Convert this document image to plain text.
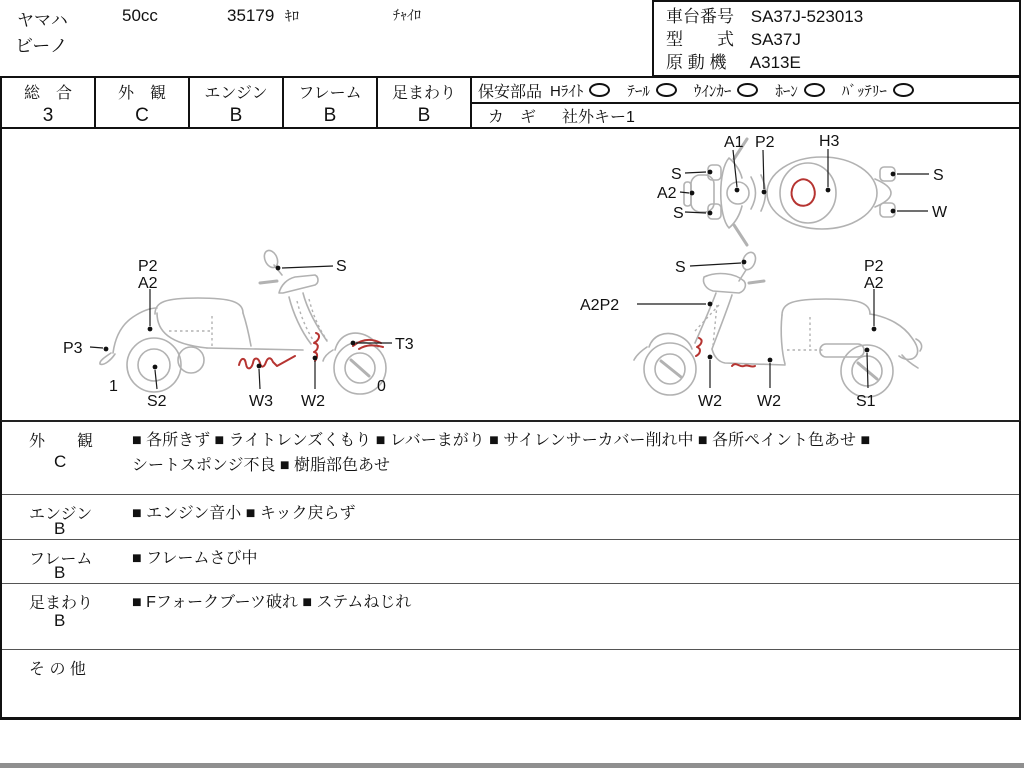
ヤマハ	50cc	35179 ｷﾛ	ﾁｬｲﾛ
ビーノ
車台番号 SA37J-523013
型　　式 SA37J
原 動 機 A313E
総　合
3
外　観
C
エンジン
B
フレーム
B
足まわり
B
保安部品 Hﾗｲﾄ	ﾃｰﾙ	ｳｲﾝｶｰ	ﾎｰﾝ	ﾊﾞｯﾃﾘｰ
カ　ギ 社外キー1
A1 P2	H3
S
A2
S
S
W
P2
A2
S
P3	T3
1
S2	W3 W2
0
S
A2P2
P2
A2
W2 W2	S1
外　　観
C
■ 各所きず ■ ライトレンズくもり ■ レバーまがり ■ サイレンサーカバー削れ中 ■ 各所ペイント色あせ ■
シートスポンジ不良 ■ 樹脂部色あせ
エンジン
B
■ エンジン音小 ■ キック戻らず
フレーム
B
■ フレームさび中
足まわり
B
■ Fフォークブーツ破れ ■ ステムねじれ
そ の 他
